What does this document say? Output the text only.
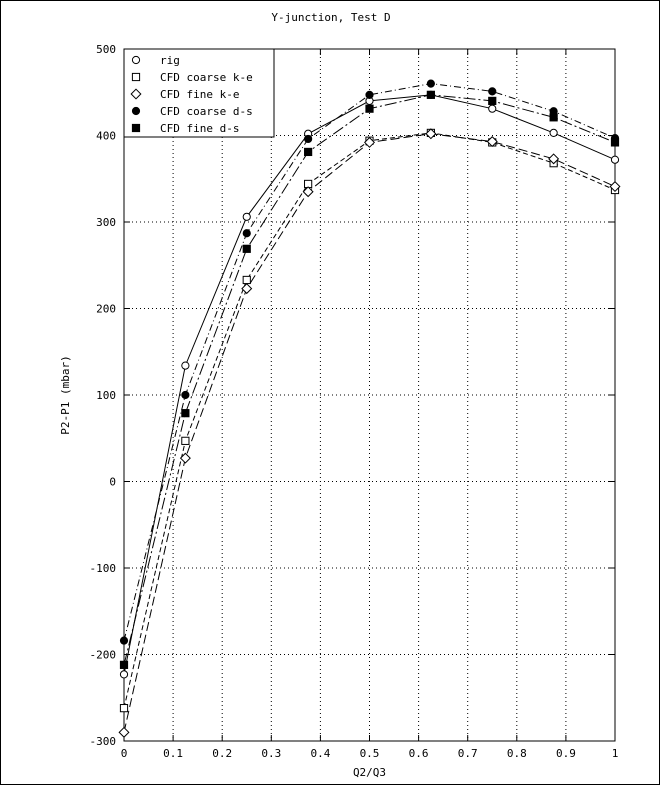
0	0.1	0.2	0.3	0.4	0.5	0.6	0.7	0.8	0.9	1
-300
-200
-100
0
100
200
300
400
500
rig
CFD coarse k-e
CFD fine k-e
CFD coarse d-s
CFD fine d-s
Y-junction, Test D
Q2/Q3
P2-P1 (mbar)
